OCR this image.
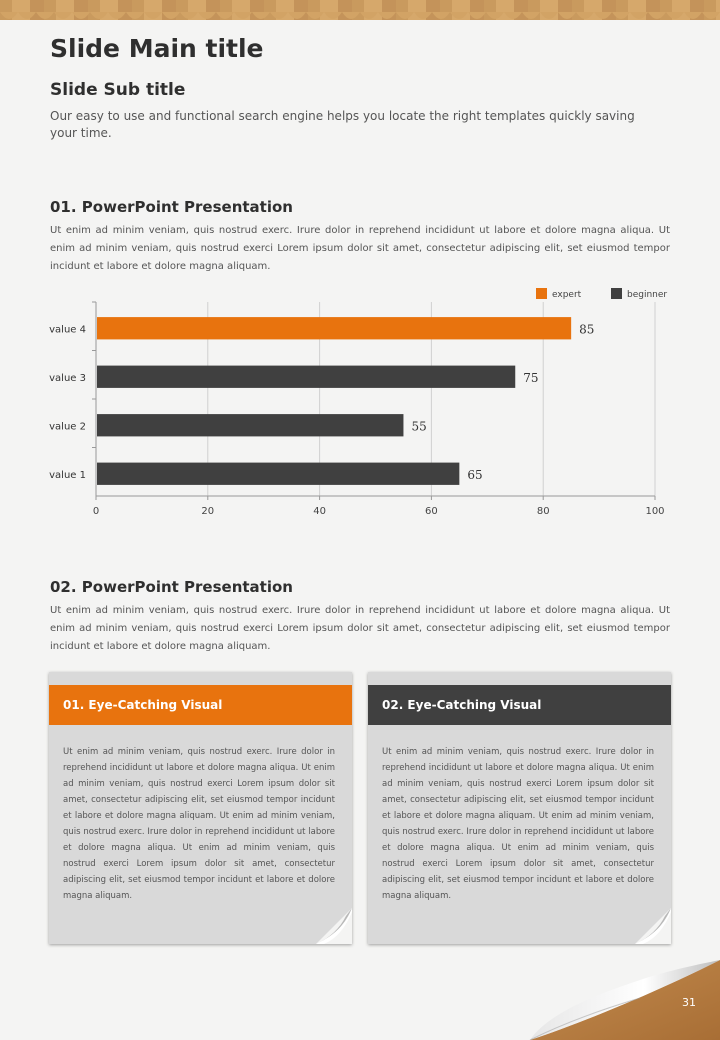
Slide Main title
Slide Sub title
Our easy to use and functional search engine helps you locate the right templates quickly saving your time.
01. PowerPoint Presentation
Ut enim ad minim veniam, quis nostrud exerc. Irure dolor in reprehend incididunt ut labore et dolore magna aliqua. Ut enim ad minim veniam, quis nostrud exerci Lorem ipsum dolor sit amet, consectetur adipiscing elit, set eiusmod tempor incidunt et labore et dolore magna aliquam.
0	20	40	60	80	100
value 4	85
value 3	75
value 2	55
value 1	65
expert	beginner
02. PowerPoint Presentation
Ut enim ad minim veniam, quis nostrud exerc. Irure dolor in reprehend incididunt ut labore et dolore magna aliqua. Ut enim ad minim veniam, quis nostrud exerci Lorem ipsum dolor sit amet, consectetur adipiscing elit, set eiusmod tempor incidunt et labore et dolore magna aliquam.
01. Eye-Catching Visual
Ut enim ad minim veniam, quis nostrud exerc. Irure dolor in reprehend incididunt ut labore et dolore magna aliqua. Ut enim ad minim veniam, quis nostrud exerci Lorem ipsum dolor sit amet, consectetur adipiscing elit, set eiusmod tempor incidunt et labore et dolore magna aliquam. Ut enim ad minim veniam, quis nostrud exerc. Irure dolor in reprehend incididunt ut labore et dolore magna aliqua. Ut enim ad minim veniam, quis nostrud exerci Lorem ipsum dolor sit amet, consectetur adipiscing elit, set eiusmod tempor incidunt et labore et dolore magna aliquam.
02. Eye-Catching Visual
Ut enim ad minim veniam, quis nostrud exerc. Irure dolor in reprehend incididunt ut labore et dolore magna aliqua. Ut enim ad minim veniam, quis nostrud exerci Lorem ipsum dolor sit amet, consectetur adipiscing elit, set eiusmod tempor incidunt et labore et dolore magna aliquam. Ut enim ad minim veniam, quis nostrud exerc. Irure dolor in reprehend incididunt ut labore et dolore magna aliqua. Ut enim ad minim veniam, quis nostrud exerci Lorem ipsum dolor sit amet, consectetur adipiscing elit, set eiusmod tempor incidunt et labore et dolore magna aliquam.
31
